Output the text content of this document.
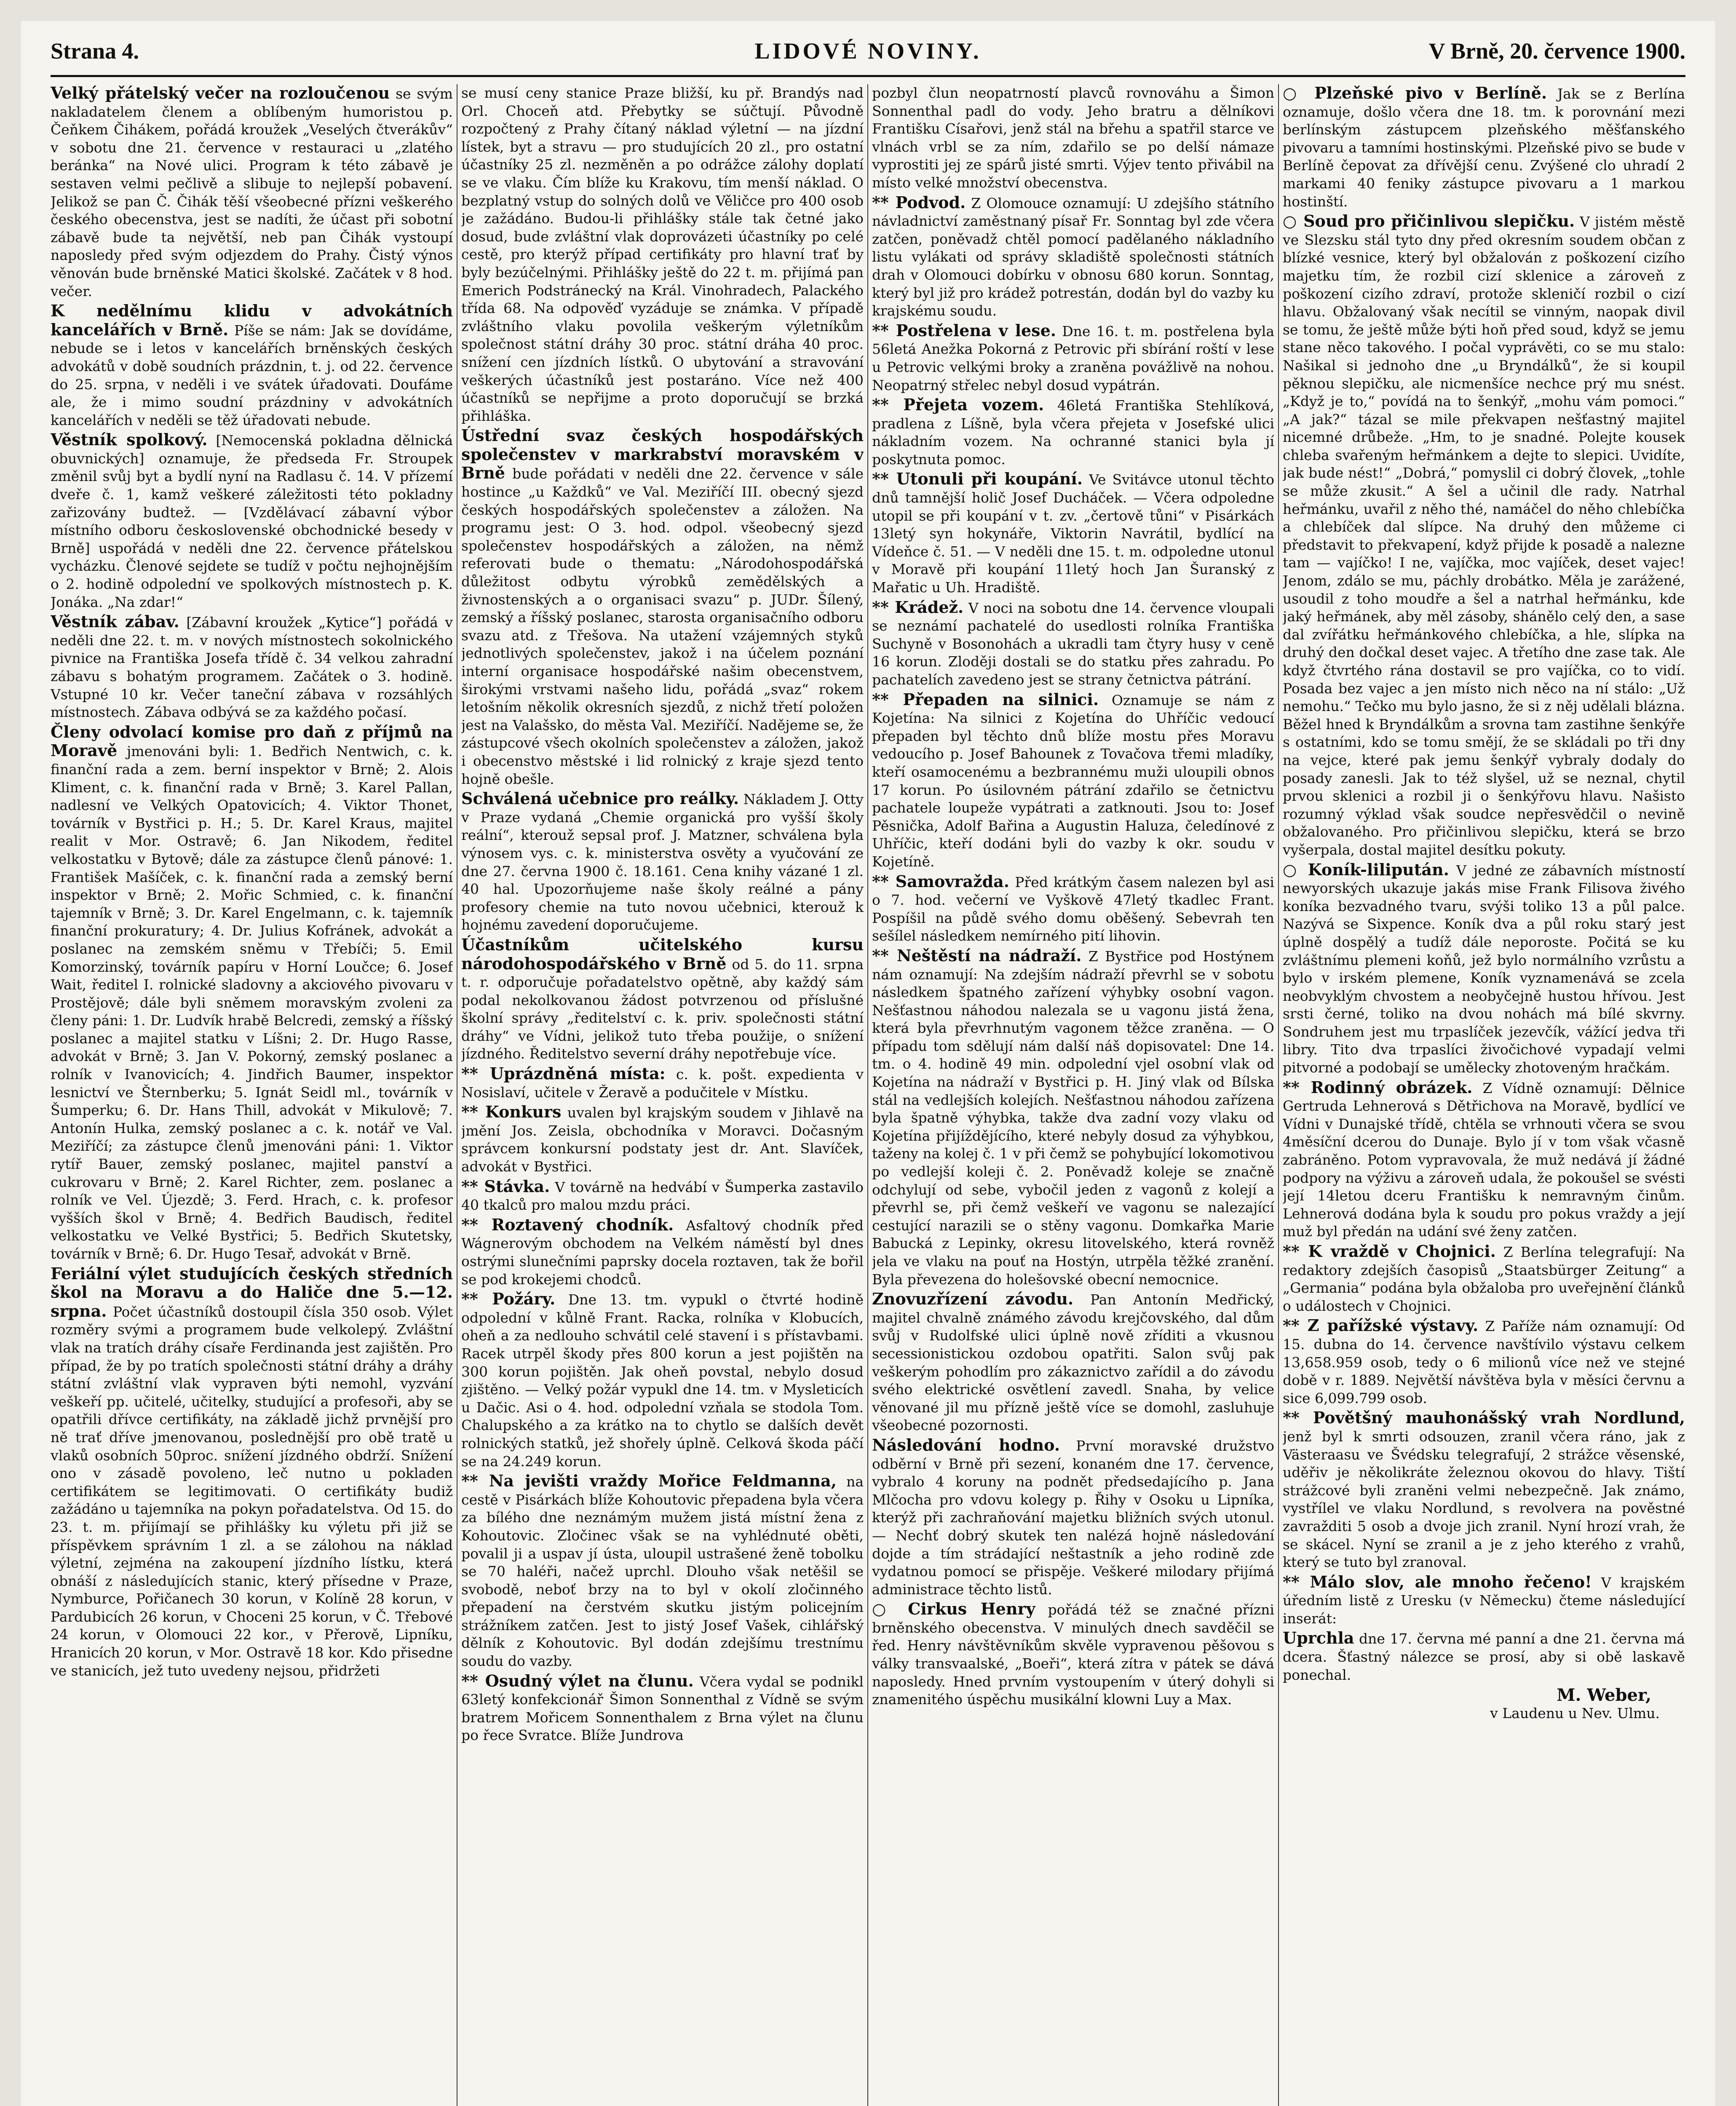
Strana 4.	LIDOVÉ NOVINY.	V Brně, 20. července 1900.

Velký přátelský večer na rozloučenou se svým nakladatelem členem a oblíbeným humoristou p. Čeňkem Čihákem, pořádá kroužek „Veselých čtverákův“ v sobotu dne 21. července v restauraci u „zlatého beránka“ na Nové ulici. Program k této zábavě je sestaven velmi pečlivě a slibuje to nejlepší pobavení. Jelikož se pan Č. Čihák těší všeobecné přízni veškerého českého obecenstva, jest se nadíti, že účast při sobotní zábavě bude ta největší, neb pan Čihák vystoupí naposledy před svým odjezdem do Prahy. Čistý výnos věnován bude brněnské Matici školské. Začátek v 8 hod. večer.

K nedělnímu klidu v advokátních kancelářích v Brně. Píše se nám: Jak se dovídáme, nebude se i letos v kancelářích brněnských českých advokátů v době soudních prázdnin, t. j. od 22. července do 25. srpna, v neděli i ve svátek úřadovati. Doufáme ale, že i mimo soudní prázdniny v advokátních kancelářích v neděli se těž úřadovati nebude.

Věstník spolkový. [Nemocenská pokladna dělnická obuvnických] oznamuje, že předseda Fr. Stroupek změnil svůj byt a bydlí nyní na Radlasu č. 14. V přízemí dveře č. 1, kamž veškeré záležitosti této pokladny zařizovány budtež. — [Vzdělávací zábavní výbor místního odboru československé obchodnické besedy v Brně] uspořádá v neděli dne 22. července přátelskou vycházku. Členové sejdete se tudíž v počtu nejhojnějším o 2. hodině odpolední ve spolkových místnostech p. K. Jonáka. „Na zdar!“

Věstník zábav. [Zábavní kroužek „Kytice“] pořádá v neděli dne 22. t. m. v nových místnostech sokolnického pivnice na Františka Josefa třídě č. 34 velkou zahradní zábavu s bohatým programem. Začátek o 3. hodině. Vstupné 10 kr. Večer taneční zábava v rozsáhlých místnostech. Zábava odbývá se za každého počasí.

Členy odvolací komise pro daň z příjmů na Moravě jmenováni byli: 1. Bedřich Nentwich, c. k. finanční rada a zem. berní inspektor v Brně; 2. Alois Kliment, c. k. finanční rada v Brně; 3. Karel Pallan, nadlesní ve Velkých Opatovicích; 4. Viktor Thonet, továrník v Bystřici p. H.; 5. Dr. Karel Kraus, majitel realit v Mor. Ostravě; 6. Jan Nikodem, ředitel velkostatku v Bytově; dále za zástupce členů pánové: 1. František Mašíček, c. k. finanční rada a zemský berní inspektor v Brně; 2. Mořic Schmied, c. k. finanční tajemník v Brně; 3. Dr. Karel Engelmann, c. k. tajemník finanční prokuratury; 4. Dr. Julius Kofránek, advokát a poslanec na zemském sněmu v Třebíči; 5. Emil Komorzinský, továrník papíru v Horní Loučce; 6. Josef Wait, ředitel I. rolnické sladovny a akciového pivovaru v Prostějově; dále byli sněmem moravským zvoleni za členy páni: 1. Dr. Ludvík hrabě Belcredi, zemský a říšský poslanec a majitel statku v Líšni; 2. Dr. Hugo Rasse, advokát v Brně; 3. Jan V. Pokorný, zemský poslanec a rolník v Ivanovicích; 4. Jindřich Baumer, inspektor lesnictví ve Šternberku; 5. Ignát Seidl ml., továrník v Šumperku; 6. Dr. Hans Thill, advokát v Mikulově; 7. Antonín Hulka, zemský poslanec a c. k. notář ve Val. Meziříčí; za zástupce členů jmenováni páni: 1. Viktor rytíř Bauer, zemský poslanec, majitel panství a cukrovaru v Brně; 2. Karel Richter, zem. poslanec a rolník ve Vel. Újezdě; 3. Ferd. Hrach, c. k. profesor vyšších škol v Brně; 4. Bedřich Baudisch, ředitel velkostatku ve Velké Bystřici; 5. Bedřich Skutetsky, továrník v Brně; 6. Dr. Hugo Tesař, advokát v Brně.

Feriální výlet studujících českých středních škol na Moravu a do Haliče dne 5.—12. srpna. Počet účastníků dostoupil čísla 350 osob. Výlet rozměry svými a programem bude velkolepý. Zvláštní vlak na tratích dráhy císaře Ferdinanda jest zajištěn. Pro případ, že by po tratích společnosti státní dráhy a dráhy státní zvláštní vlak vypraven býti nemohl, vyzvání veškeří pp. učitelé, učitelky, studující a profesoři, aby se opatřili dřívce certifikáty, na základě jichž prvnější pro ně trať dříve jmenovanou, poslednější pro obě tratě u vlaků osobních 50proc. snížení jízdného obdrží. Snížení ono v zásadě povoleno, leč nutno u pokladen certifikátem se legitimovati. O certifikáty budiž zažádáno u tajemníka na pokyn pořadatelstva. Od 15. do 23. t. m. přijímají se přihlášky ku výletu při již se příspěvkem správním 1 zl. a se zálohou na náklad výletní, zejména na zakoupení jízdního lístku, která obnáší z následujících stanic, který přísedne v Praze, Nymburce, Pořičanech 30 korun, v Kolíně 28 korun, v Pardubicích 26 korun, v Choceni 25 korun, v Č. Třebové 24 korun, v Olomouci 22 kor., v Přerově, Lipníku, Hranicích 20 korun, v Mor. Ostravě 18 kor. Kdo přisedne ve stanicích, jež tuto uvedeny nejsou, přidržeti

se musí ceny stanice Praze bližší, ku př. Brandýs nad Orl. Choceň atd. Přebytky se súčtují. Původně rozpočtený z Prahy čítaný náklad výletní — na jízdní lístek, byt a stravu — pro studujících 20 zl., pro ostatní účastníky 25 zl. nezměněn a po odrážce zálohy doplatí se ve vlaku. Čím blíže ku Krakovu, tím menší náklad. O bezplatný vstup do solných dolů ve Věličce pro 400 osob je zažádáno. Budou-li přihlášky stále tak četné jako dosud, bude zvláštní vlak doprovázeti účastníky po celé cestě, pro kterýž případ certifikáty pro hlavní trať by byly bezúčelnými. Přihlášky ještě do 22 t. m. přijímá pan Emerich Podstránecký na Král. Vinohradech, Palackého třída 68. Na odpověď vyzáduje se známka. V případě zvláštního vlaku povolila veškerým výletníkům společnost státní dráhy 30 proc. státní dráha 40 proc. snížení cen jízdních lístků. O ubytování a stravování veškerých účastníků jest postaráno. Více než 400 účastníků se nepřijme a proto doporučují se brzká přihláška.

Ústřední svaz českých hospodářských společenstev v markrabství moravském v Brně bude pořádati v neděli dne 22. července v sále hostince „u Každků“ ve Val. Meziříčí III. obecný sjezd českých hospodářských společenstev a záložen. Na programu jest: O 3. hod. odpol. všeobecný sjezd společenstev hospodářských a záložen, na němž referovati bude o thematu: „Národohospodářská důležitost odbytu výrobků zemědělských a živnostenských a o organisaci svazu“ p. JUDr. Šílený, zemský a říšský poslanec, starosta organisačního odboru svazu atd. z Třešova. Na utažení vzájemných styků jednotlivých společenstev, jakož i na účelem poznání interní organisace hospodářské našim obecenstvem, širokými vrstvami našeho lidu, pořádá „svaz“ rokem letošním několik okresních sjezdů, z nichž třetí položen jest na Valašsko, do města Val. Meziříčí. Nadějeme se, že zástupcové všech okolních společenstev a záložen, jakož i obecenstvo městské i lid rolnický z kraje sjezd tento hojně obešle.

Schválená učebnice pro reálky. Nákladem J. Otty v Praze vydaná „Chemie organická pro vyšší školy reální“, kterouž sepsal prof. J. Matzner, schválena byla výnosem vys. c. k. ministerstva osvěty a vyučování ze dne 27. června 1900 č. 18.161. Cena knihy vázané 1 zl. 40 hal. Upozorňujeme naše školy reálné a pány profesory chemie na tuto novou učebnici, kterouž k hojnému zavedení doporučujeme.

Účastníkům učitelského kursu národohospodářského v Brně od 5. do 11. srpna t. r. odporučuje pořadatelstvo opětně, aby každý sám podal nekolkovanou žádost potvrzenou od příslušné školní správy „ředitelství c. k. priv. společnosti státní dráhy“ ve Vídni, jelikož tuto třeba použije, o snížení jízdného. Ředitelstvo severní dráhy nepotřebuje více.

** Uprázdněná místa: c. k. pošt. expedienta v Nosislaví, učitele v Žeravě a podučitele v Místku.

** Konkurs uvalen byl krajským soudem v Jihlavě na jmění Jos. Zeisla, obchodníka v Moravci. Dočasným správcem konkursní podstaty jest dr. Ant. Slavíček, advokát v Bystřici.

** Stávka. V továrně na hedvábí v Šumperka zastavilo 40 tkalců pro malou mzdu práci.

** Roztavený chodník. Asfaltový chodník před Wágnerovým obchodem na Velkém náměstí byl dnes ostrými slunečními paprsky docela roztaven, tak že bořil se pod krokejemi chodců.

** Požáry. Dne 13. tm. vypukl o čtvrté hodině odpolední v kůlně Frant. Racka, rolníka v Klobucích, oheň a za nedlouho schvátil celé stavení i s přístavbami. Racek utrpěl škody přes 800 korun a jest pojištěn na 300 korun pojištěn. Jak oheň povstal, nebylo dosud zjištěno. — Velký požár vypukl dne 14. tm. v Mysleticích u Dačic. Asi o 4. hod. odpolední vzňala se stodola Tom. Chalupského a za krátko na to chytlo se dalších devět rolnických statků, jež shořely úplně. Celková škoda páčí se na 24.249 korun.

** Na jevišti vraždy Mořice Feldmanna, na cestě v Pisárkách blíže Kohoutovic přepadena byla včera za bílého dne neznámým mužem jistá místní žena z Kohoutovic. Zločinec však se na vyhlédnuté oběti, povalil ji a uspav jí ústa, uloupil ustrašené ženě tobolku se 70 haléři, načež uprchl. Dlouho však netěšil se svobodě, neboť brzy na to byl v okolí zločinného přepadení na čerstvém skutku jistým policejním strážníkem zatčen. Jest to jistý Josef Vašek, cihlářský dělník z Kohoutovic. Byl dodán zdejšímu trestnímu soudu do vazby.

** Osudný výlet na člunu. Včera vydal se podnikl 63letý konfekcionář Šimon Sonnenthal z Vídně se svým bratrem Mořicem Sonnenthalem z Brna výlet na člunu po řece Svratce. Blíže Jundrova

pozbyl člun neopatrností plavců rovnováhu a Šimon Sonnenthal padl do vody. Jeho bratru a dělníkovi Františku Císařovi, jenž stál na břehu a spatřil starce ve vlnách vrbl se za ním, zdařilo se po delší námaze vyprostiti jej ze spárů jisté smrti. Výjev tento přivábil na místo velké množství obecenstva.

** Podvod. Z Olomouce oznamují: U zdejšího státního návladnictví zaměstnaný písař Fr. Sonntag byl zde včera zatčen, poněvadž chtěl pomocí padělaného nákladního listu vylákati od správy skladiště společnosti státních drah v Olomouci dobírku v obnosu 680 korun. Sonntag, který byl již pro krádež potrestán, dodán byl do vazby ku krajskému soudu.

** Postřelena v lese. Dne 16. t. m. postřelena byla 56letá Anežka Pokorná z Petrovic při sbírání roští v lese u Petrovic velkými broky a zraněna povážlivě na nohou. Neopatrný střelec nebyl dosud vypátrán.

** Přejeta vozem. 46letá Františka Stehlíková, pradlena z Líšně, byla včera přejeta v Josefské ulici nákladním vozem. Na ochranné stanici byla jí poskytnuta pomoc.

** Utonuli při koupání. Ve Svitávce utonul těchto dnů tamnější holič Josef Ducháček. — Včera odpoledne utopil se při koupání v t. zv. „čertově tůni“ v Pisárkách 13letý syn hokynáře, Viktorin Navrátil, bydlící na Vídeňce č. 51. — V neděli dne 15. t. m. odpoledne utonul v Moravě při koupání 11letý hoch Jan Šuranský z Mařatic u Uh. Hradiště.

** Krádež. V noci na sobotu dne 14. července vloupali se neznámí pachatelé do usedlosti rolníka Františka Suchyně v Bosonohách a ukradli tam čtyry husy v ceně 16 korun. Zloději dostali se do statku přes zahradu. Po pachatelích zavedeno jest se strany četnictva pátrání.

** Přepaden na silnici. Oznamuje se nám z Kojetína: Na silnici z Kojetína do Uhříčic vedoucí přepaden byl těchto dnů blíže mostu přes Moravu vedoucího p. Josef Bahounek z Tovačova třemi mladíky, kteří osamocenému a bezbrannému muži uloupili obnos 17 korun. Po úsilovném pátrání zdařilo se četnictvu pachatele loupeže vypátrati a zatknouti. Jsou to: Josef Pěsnička, Adolf Bařina a Augustin Haluza, čeledínové z Uhříčic, kteří dodáni byli do vazby k okr. soudu v Kojetíně.

** Samovražda. Před krátkým časem nalezen byl asi o 7. hod. večerní ve Vyškově 47letý tkadlec Frant. Pospíšil na půdě svého domu oběšený. Sebevrah ten sešílel následkem nemírného pití lihovin.

** Neštěstí na nádraží. Z Bystřice pod Hostýnem nám oznamují: Na zdejším nádraží převrhl se v sobotu následkem špatného zařízení výhybky osobní vagon. Nešťastnou náhodou nalezala se u vagonu jistá žena, která byla převrhnutým vagonem těžce zraněna. — O případu tom sdělují nám další náš dopisovatel: Dne 14. tm. o 4. hodině 49 min. odpolední vjel osobní vlak od Kojetína na nádraží v Bystřici p. H. Jiný vlak od Bílska stál na vedlejších kolejích. Nešťastnou náhodou zařízena byla špatně výhybka, takže dva zadní vozy vlaku od Kojetína přijíždějícího, které nebyly dosud za výhybkou, taženy na kolej č. 1 v při čemž se pohybující lokomotivou po vedlejší koleji č. 2. Poněvadž koleje se značně odchylují od sebe, vybočil jeden z vagonů z kolejí a převrhl se, při čemž veškeří ve vagonu se nalezající cestující narazili se o stěny vagonu. Domkařka Marie Babucká z Lepinky, okresu litovelského, která rovněž jela ve vlaku na pouť na Hostýn, utrpěla těžké zranění. Byla převezena do holešovské obecní nemocnice.

Znovuzřízení závodu. Pan Antonín Medřický, majitel chvalně známého závodu krejčovského, dal dům svůj v Rudolfské ulici úplně nově zříditi a vkusnou secessionistickou ozdobou opatřiti. Salon svůj pak veškerým pohodlím pro zákaznictvo zařídil a do závodu svého elektrické osvětlení zavedl. Snaha, by velice věnované jil mu přízně ještě více se domohl, zasluhuje všeobecné pozornosti.

Následování hodno. První moravské družstvo odběrní v Brně při sezení, konaném dne 17. července, vybralo 4 koruny na podnět předsedajícího p. Jana Mlčocha pro vdovu kolegy p. Řihy v Osoku u Lipníka, kterýž při zachraňování majetku bližních svých utonul. — Nechť dobrý skutek ten nalézá hojně následování dojde a tím strádající neštastník a jeho rodině zde vydatnou pomocí se přispěje. Veškeré milodary přijímá administrace těchto listů.

○ Cirkus Henry pořádá též se značné přízni brněnského obecenstva. V minulých dnech savděčil se řed. Henry návštěvníkům skvěle vypravenou pěšovou s války transvaalské, „Boeři“, která zítra v pátek se dává naposledy. Hned prvním vystoupením v úterý dohyli si znamenitého úspěchu musikální klowni Luy a Max.

○ Plzeňské pivo v Berlíně. Jak se z Berlína oznamuje, došlo včera dne 18. tm. k porovnání mezi berlínským zástupcem plzeňského měšťanského pivovaru a tamními hostinskými. Plzeňské pivo se bude v Berlíně čepovat za dřívější cenu. Zvýšené clo uhradí 2 markami 40 feniky zástupce pivovaru a 1 markou hostinští.

○ Soud pro přičinlivou slepičku. V jistém městě ve Slezsku stál tyto dny před okresním soudem občan z blízké vesnice, který byl obžalován z poškození cizího majetku tím, že rozbil cizí sklenice a zároveň z poškození cizího zdraví, protože skleničí rozbil o cizí hlavu. Obžalovaný však necítil se vinným, naopak divil se tomu, že ještě může býti hoň před soud, když se jemu stane něco takového. I počal vyprávěti, co se mu stalo: Našikal si jednoho dne „u Bryndálků“, že si koupil pěknou slepičku, ale nicmenšíce nechce prý mu snést. „Když je to,“ povídá na to šenkýř, „mohu vám pomoci.“ „A jak?“ tázal se mile překvapen nešťastný majitel nicemné drůbeže. „Hm, to je snadné. Polejte kousek chleba svařeným heřmánkem a dejte to slepici. Uvidíte, jak bude nést!“ „Dobrá,“ pomyslil ci dobrý človek, „tohle se může zkusit.“ A šel a učinil dle rady. Natrhal heřmánku, uvařil z něho thé, namáčel do něho chlebíčka a chlebíček dal slípce. Na druhý den můžeme ci představit to překvapení, když přijde k posadě a nalezne tam — vajíčko! I ne, vajíčka, moc vajíček, deset vajec! Jenom, zdálo se mu, páchly drobátko. Měla je zarážené, usoudil z toho moudře a šel a natrhal heřmánku, kde jaký heřmánek, aby měl zásoby, shánělo celý den, a sase dal zvířátku heřmánkového chlebíčka, a hle, slípka na druhý den dočkal deset vajec. A třetího dne zase tak. Ale když čtvrtého rána dostavil se pro vajíčka, co to vidí. Posada bez vajec a jen místo nich něco na ní stálo: „Už nemohu.“ Tečko mu bylo jasno, že si z něj udělali blázna. Běžel hned k Bryndálkům a srovna tam zastihne šenkýře s ostatními, kdo se tomu smějí, že se skládali po tři dny na vejce, které pak jemu šenkýř vybraly dodaly do posady zanesli. Jak to též slyšel, už se neznal, chytil prvou sklenici a rozbil ji o šenkýřovu hlavu. Našisto rozumný výklad však soudce nepřesvědčil o nevině obžalovaného. Pro přičinlivou slepičku, která se brzo vyšerpala, dostal majitel desítku pokuty.

○ Koník-lilipután. V jedné ze zábavních místností newyorských ukazuje jakás mise Frank Filisova živého koníka bezvadného tvaru, svýši toliko 13 a půl palce. Nazývá se Sixpence. Koník dva a půl roku starý jest úplně dospělý a tudíž dále neporoste. Počitá se ku zvláštnímu plemeni koňů, jež bylo normálního vzrůstu a bylo v irském plemene, Koník vyznamenává se zcela neobvyklým chvostem a neobyčejně hustou hřívou. Jest srsti černé, toliko na dvou nohách má bílé skvrny. Sondruhem jest mu trpaslíček jezevčík, vážící jedva tři libry. Tito dva trpaslíci živočichové vypadají velmi pitvorné a podobají se umělecky zhotoveným hračkám.

** Rodinný obrázek. Z Vídně oznamují: Dělnice Gertruda Lehnerová s Dětřichova na Moravě, bydlící ve Vídni v Dunajské třídě, chtěla se vrhnouti včera se svou 4měsíční dcerou do Dunaje. Bylo jí v tom však včasně zabráněno. Potom vypravovala, že muž nedává jí žádné podpory na výživu a zároveň udala, že pokoušel se svésti její 14letou dceru Františku k nemravným činům. Lehnerová dodána byla k soudu pro pokus vraždy a její muž byl předán na udání své ženy zatčen.

** K vraždě v Chojnici. Z Berlína telegrafují: Na redaktory zdejších časopisů „Staatsbürger Zeitung“ a „Germania“ podána byla obžaloba pro uveřejnění článků o událostech v Chojnici.

** Z pařížské výstavy. Z Paříže nám oznamují: Od 15. dubna do 14. července navštívilo výstavu celkem 13,658.959 osob, tedy o 6 milionů více než ve stejné době v r. 1889. Největší návštěva byla v měsíci červnu a sice 6,099.799 osob.

** Povětšný mauhonášský vrah Nordlund, jenž byl k smrti odsouzen, zranil včera ráno, jak z Västeraasu ve Švédsku telegrafují, 2 strážce věsenské, uděřiv je několikráte železnou okovou do hlavy. Tiští strážcové byli zraněni velmi nebezpečně. Jak známo, vystřílel ve vlaku Nordlund, s revolvera na pověstné zavražditi 5 osob a dvoje jich zranil. Nyní hrozí vrah, že se skácel. Nyní se zranil a je z jeho kterého z vrahů, který se tuto byl zranoval.

** Málo slov, ale mnoho řečeno! V krajském úředním listě z Uresku (v Německu) čteme následující inserát:

Uprchla dne 17. června mé panní a dne 21. června má dcera. Šťastný nálezce se prosí, aby si obě laskavě ponechal.

M. Weber,
v Laudenu u Nev. Ulmu.
